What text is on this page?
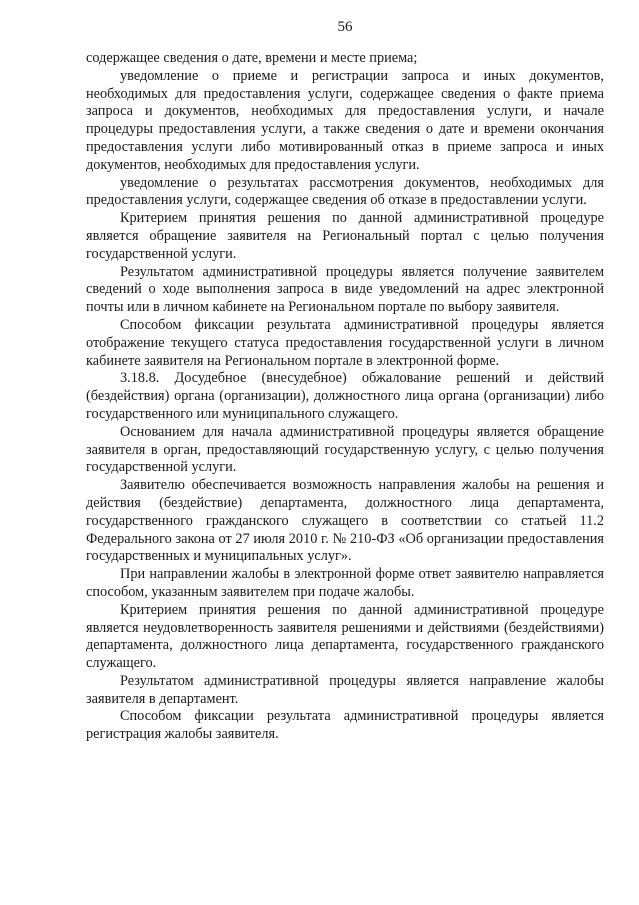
56

содержащее сведения о дате, времени и месте приема;

уведомление о приеме и регистрации запроса и иных документов, необходимых для предоставления услуги, содержащее сведения о факте приема запроса и документов, необходимых для предоставления услуги, и начале процедуры предоставления услуги, а также сведения о дате и времени окончания предоставления услуги либо мотивированный отказ в приеме запроса и иных документов, необходимых для предоставления услуги.

уведомление о результатах рассмотрения документов, необходимых для предоставления услуги, содержащее сведения об отказе в предоставлении услуги.

Критерием принятия решения по данной административной процедуре является обращение заявителя на Региональный портал с целью получения государственной услуги.

Результатом административной процедуры является получение заявителем сведений о ходе выполнения запроса в виде уведомлений на адрес электронной почты или в личном кабинете на Региональном портале по выбору заявителя.

Способом фиксации результата административной процедуры является отображение текущего статуса предоставления государственной услуги в личном кабинете заявителя на Региональном портале в электронной форме.

3.18.8. Досудебное (внесудебное) обжалование решений и действий (бездействия) органа (организации), должностного лица органа (организации) либо государственного или муниципального служащего.

Основанием для начала административной процедуры является обращение заявителя в орган, предоставляющий государственную услугу, с целью получения государственной услуги.

Заявителю обеспечивается возможность направления жалобы на решения и действия (бездействие) департамента, должностного лица департамента, государственного гражданского служащего в соответствии со статьей 11.2 Федерального закона от 27 июля 2010 г. № 210-ФЗ «Об организации предоставления государственных и муниципальных услуг».

При направлении жалобы в электронной форме ответ заявителю направляется способом, указанным заявителем при подаче жалобы.

Критерием принятия решения по данной административной процедуре является неудовлетворенность заявителя решениями и действиями (бездействиями) департамента, должностного лица департамента, государственного гражданского служащего.

Результатом административной процедуры является направление жалобы заявителя в департамент.

Способом фиксации результата административной процедуры является регистрация жалобы заявителя.
